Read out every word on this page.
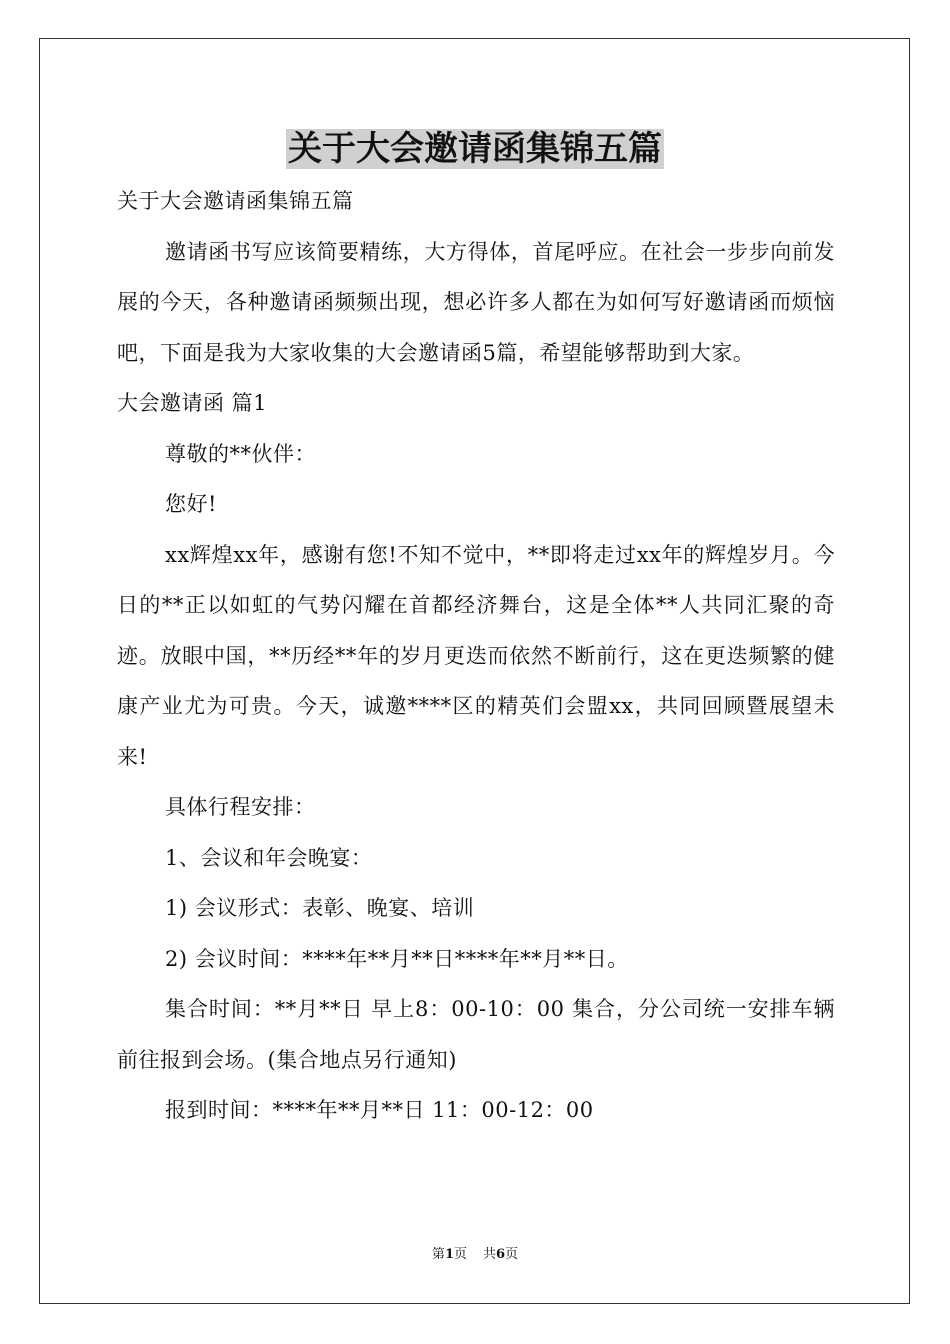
关于大会邀请函集锦五篇

关于大会邀请函集锦五篇

邀请函书写应该简要精练，大方得体，首尾呼应。在社会一步步向前发展的今天，各种邀请函频频出现，想必许多人都在为如何写好邀请函而烦恼吧，下面是我为大家收集的大会邀请函5篇，希望能够帮助到大家。

大会邀请函 篇1

尊敬的**伙伴：

您好!

xx辉煌xx年，感谢有您!不知不觉中，**即将走过xx年的辉煌岁月。今日的**正以如虹的气势闪耀在首都经济舞台，这是全体**人共同汇聚的奇迹。放眼中国，**历经**年的岁月更迭而依然不断前行，这在更迭频繁的健康产业尤为可贵。今天，诚邀****区的精英们会盟xx，共同回顾暨展望未来!

具体行程安排：

1、会议和年会晚宴：

1) 会议形式：表彰、晚宴、培训

2) 会议时间：****年**月**日****年**月**日。

集合时间：**月**日 早上8：00-10：00 集合，分公司统一安排车辆前往报到会场。(集合地点另行通知)

报到时间：****年**月**日 11：00-12：00

第1页 共6页
